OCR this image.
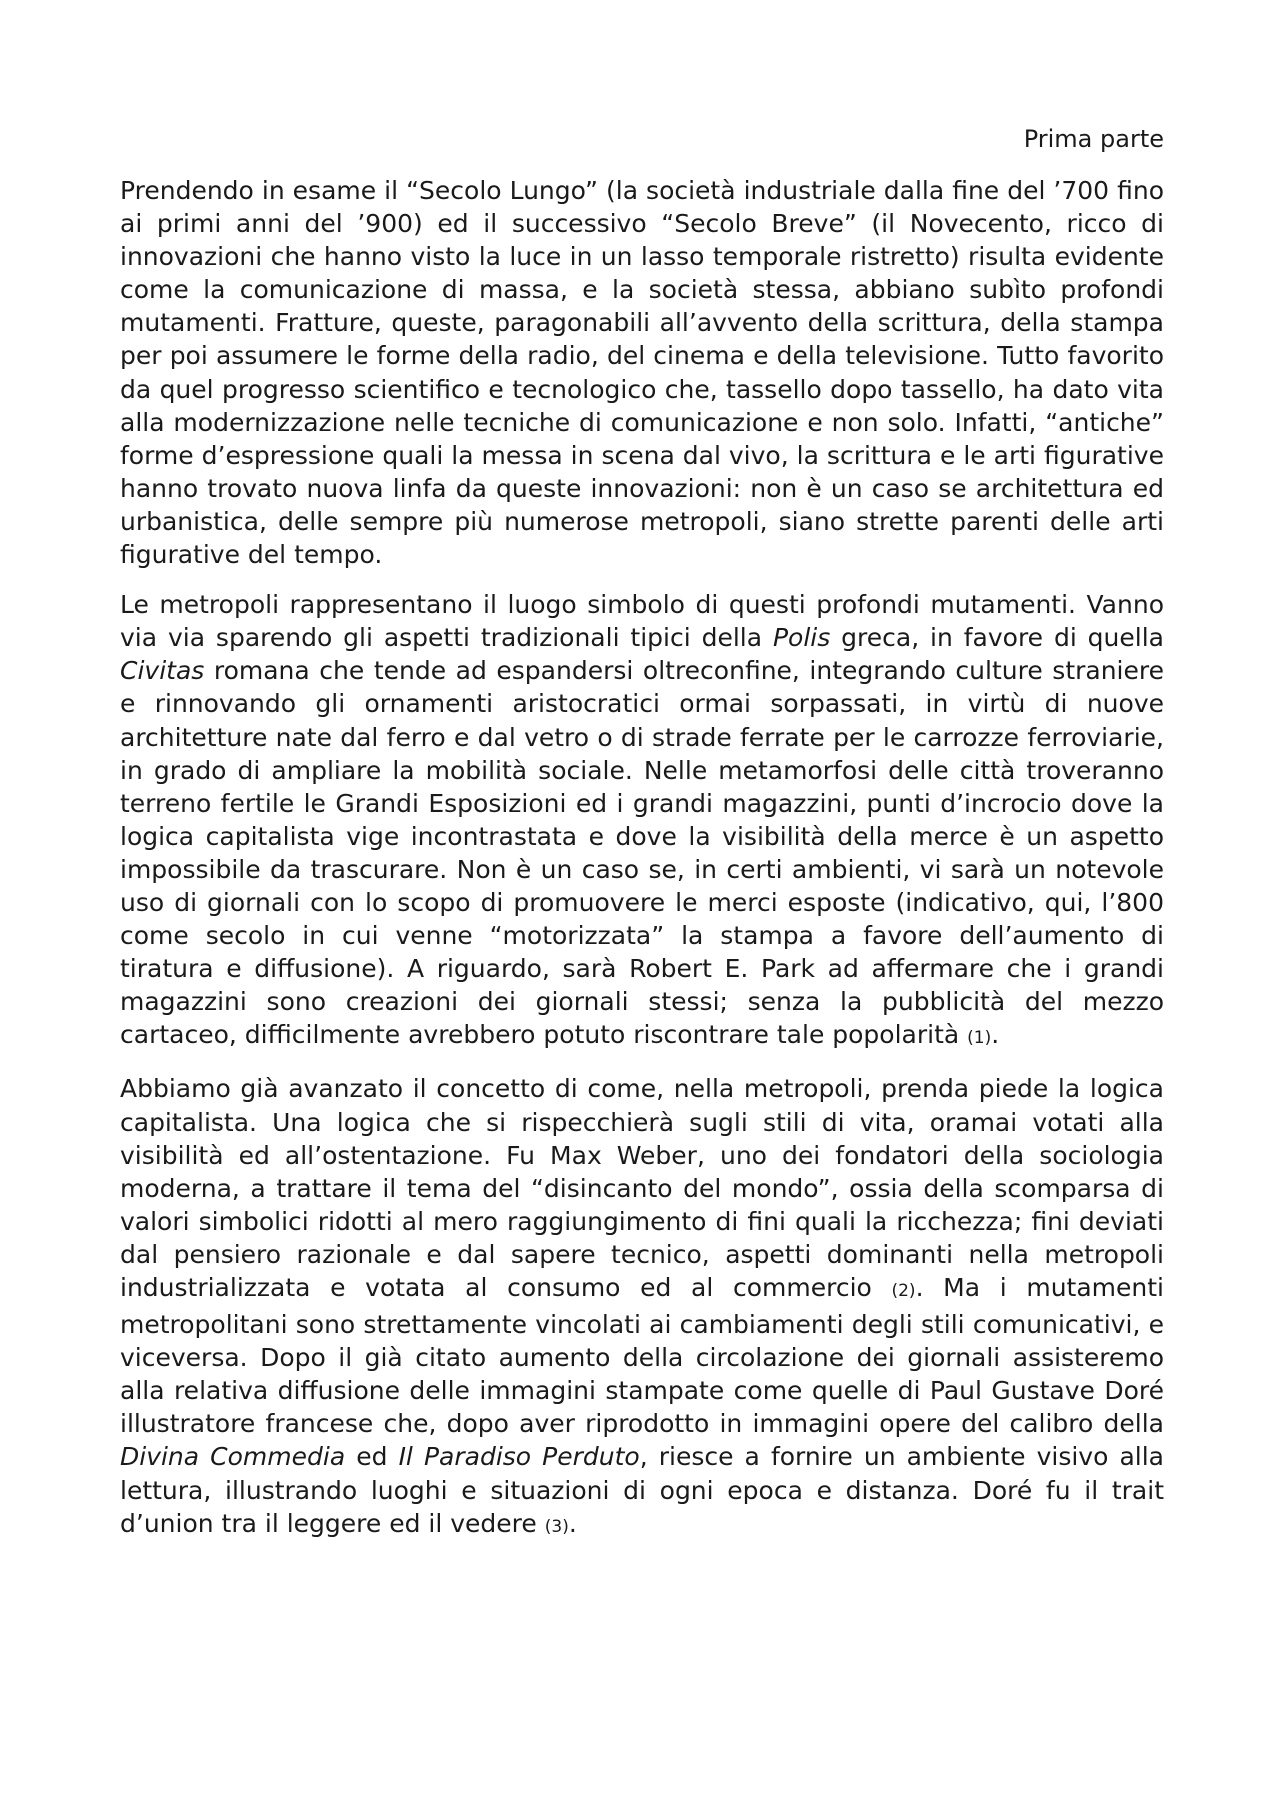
Prima parte

Prendendo in esame il “Secolo Lungo” (la società industriale dalla fine del ’700 fino ai primi anni del ’900) ed il successivo “Secolo Breve” (il Novecento, ricco di innovazioni che hanno visto la luce in un lasso temporale ristretto) risulta evidente come la comunicazione di massa, e la società stessa, abbiano subìto profondi mutamenti. Fratture, queste, paragonabili all’avvento della scrittura, della stampa per poi assumere le forme della radio, del cinema e della televisione. Tutto favorito da quel progresso scientifico e tecnologico che, tassello dopo tassello, ha dato vita alla modernizzazione nelle tecniche di comunicazione e non solo. Infatti, “antiche” forme d’espressione quali la messa in scena dal vivo, la scrittura e le arti figurative hanno trovato nuova linfa da queste innovazioni: non è un caso se architettura ed urbanistica, delle sempre più numerose metropoli, siano strette parenti delle arti figurative del tempo.

Le metropoli rappresentano il luogo simbolo di questi profondi mutamenti. Vanno via via sparendo gli aspetti tradizionali tipici della Polis greca, in favore di quella Civitas romana che tende ad espandersi oltreconfine, integrando culture straniere e rinnovando gli ornamenti aristocratici ormai sorpassati, in virtù di nuove architetture nate dal ferro e dal vetro o di strade ferrate per le carrozze ferroviarie, in grado di ampliare la mobilità sociale. Nelle metamorfosi delle città troveranno terreno fertile le Grandi Esposizioni ed i grandi magazzini, punti d’incrocio dove la logica capitalista vige incontrastata e dove la visibilità della merce è un aspetto impossibile da trascurare. Non è un caso se, in certi ambienti, vi sarà un notevole uso di giornali con lo scopo di promuovere le merci esposte (indicativo, qui, l’800 come secolo in cui venne “motorizzata” la stampa a favore dell’aumento di tiratura e diffusione). A riguardo, sarà Robert E. Park ad affermare che i grandi magazzini sono creazioni dei giornali stessi; senza la pubblicità del mezzo cartaceo, difficilmente avrebbero potuto riscontrare tale popolarità (1).

Abbiamo già avanzato il concetto di come, nella metropoli, prenda piede la logica capitalista. Una logica che si rispecchierà sugli stili di vita, oramai votati alla visibilità ed all’ostentazione. Fu Max Weber, uno dei fondatori della sociologia moderna, a trattare il tema del “disincanto del mondo”, ossia della scomparsa di valori simbolici ridotti al mero raggiungimento di fini quali la ricchezza; fini deviati dal pensiero razionale e dal sapere tecnico, aspetti dominanti nella metropoli industrializzata e votata al consumo ed al commercio (2). Ma i mutamenti metropolitani sono strettamente vincolati ai cambiamenti degli stili comunicativi, e viceversa. Dopo il già citato aumento della circolazione dei giornali assisteremo alla relativa diffusione delle immagini stampate come quelle di Paul Gustave Doré illustratore francese che, dopo aver riprodotto in immagini opere del calibro della Divina Commedia ed Il Paradiso Perduto, riesce a fornire un ambiente visivo alla lettura, illustrando luoghi e situazioni di ogni epoca e distanza. Doré fu il trait d’union tra il leggere ed il vedere (3).
